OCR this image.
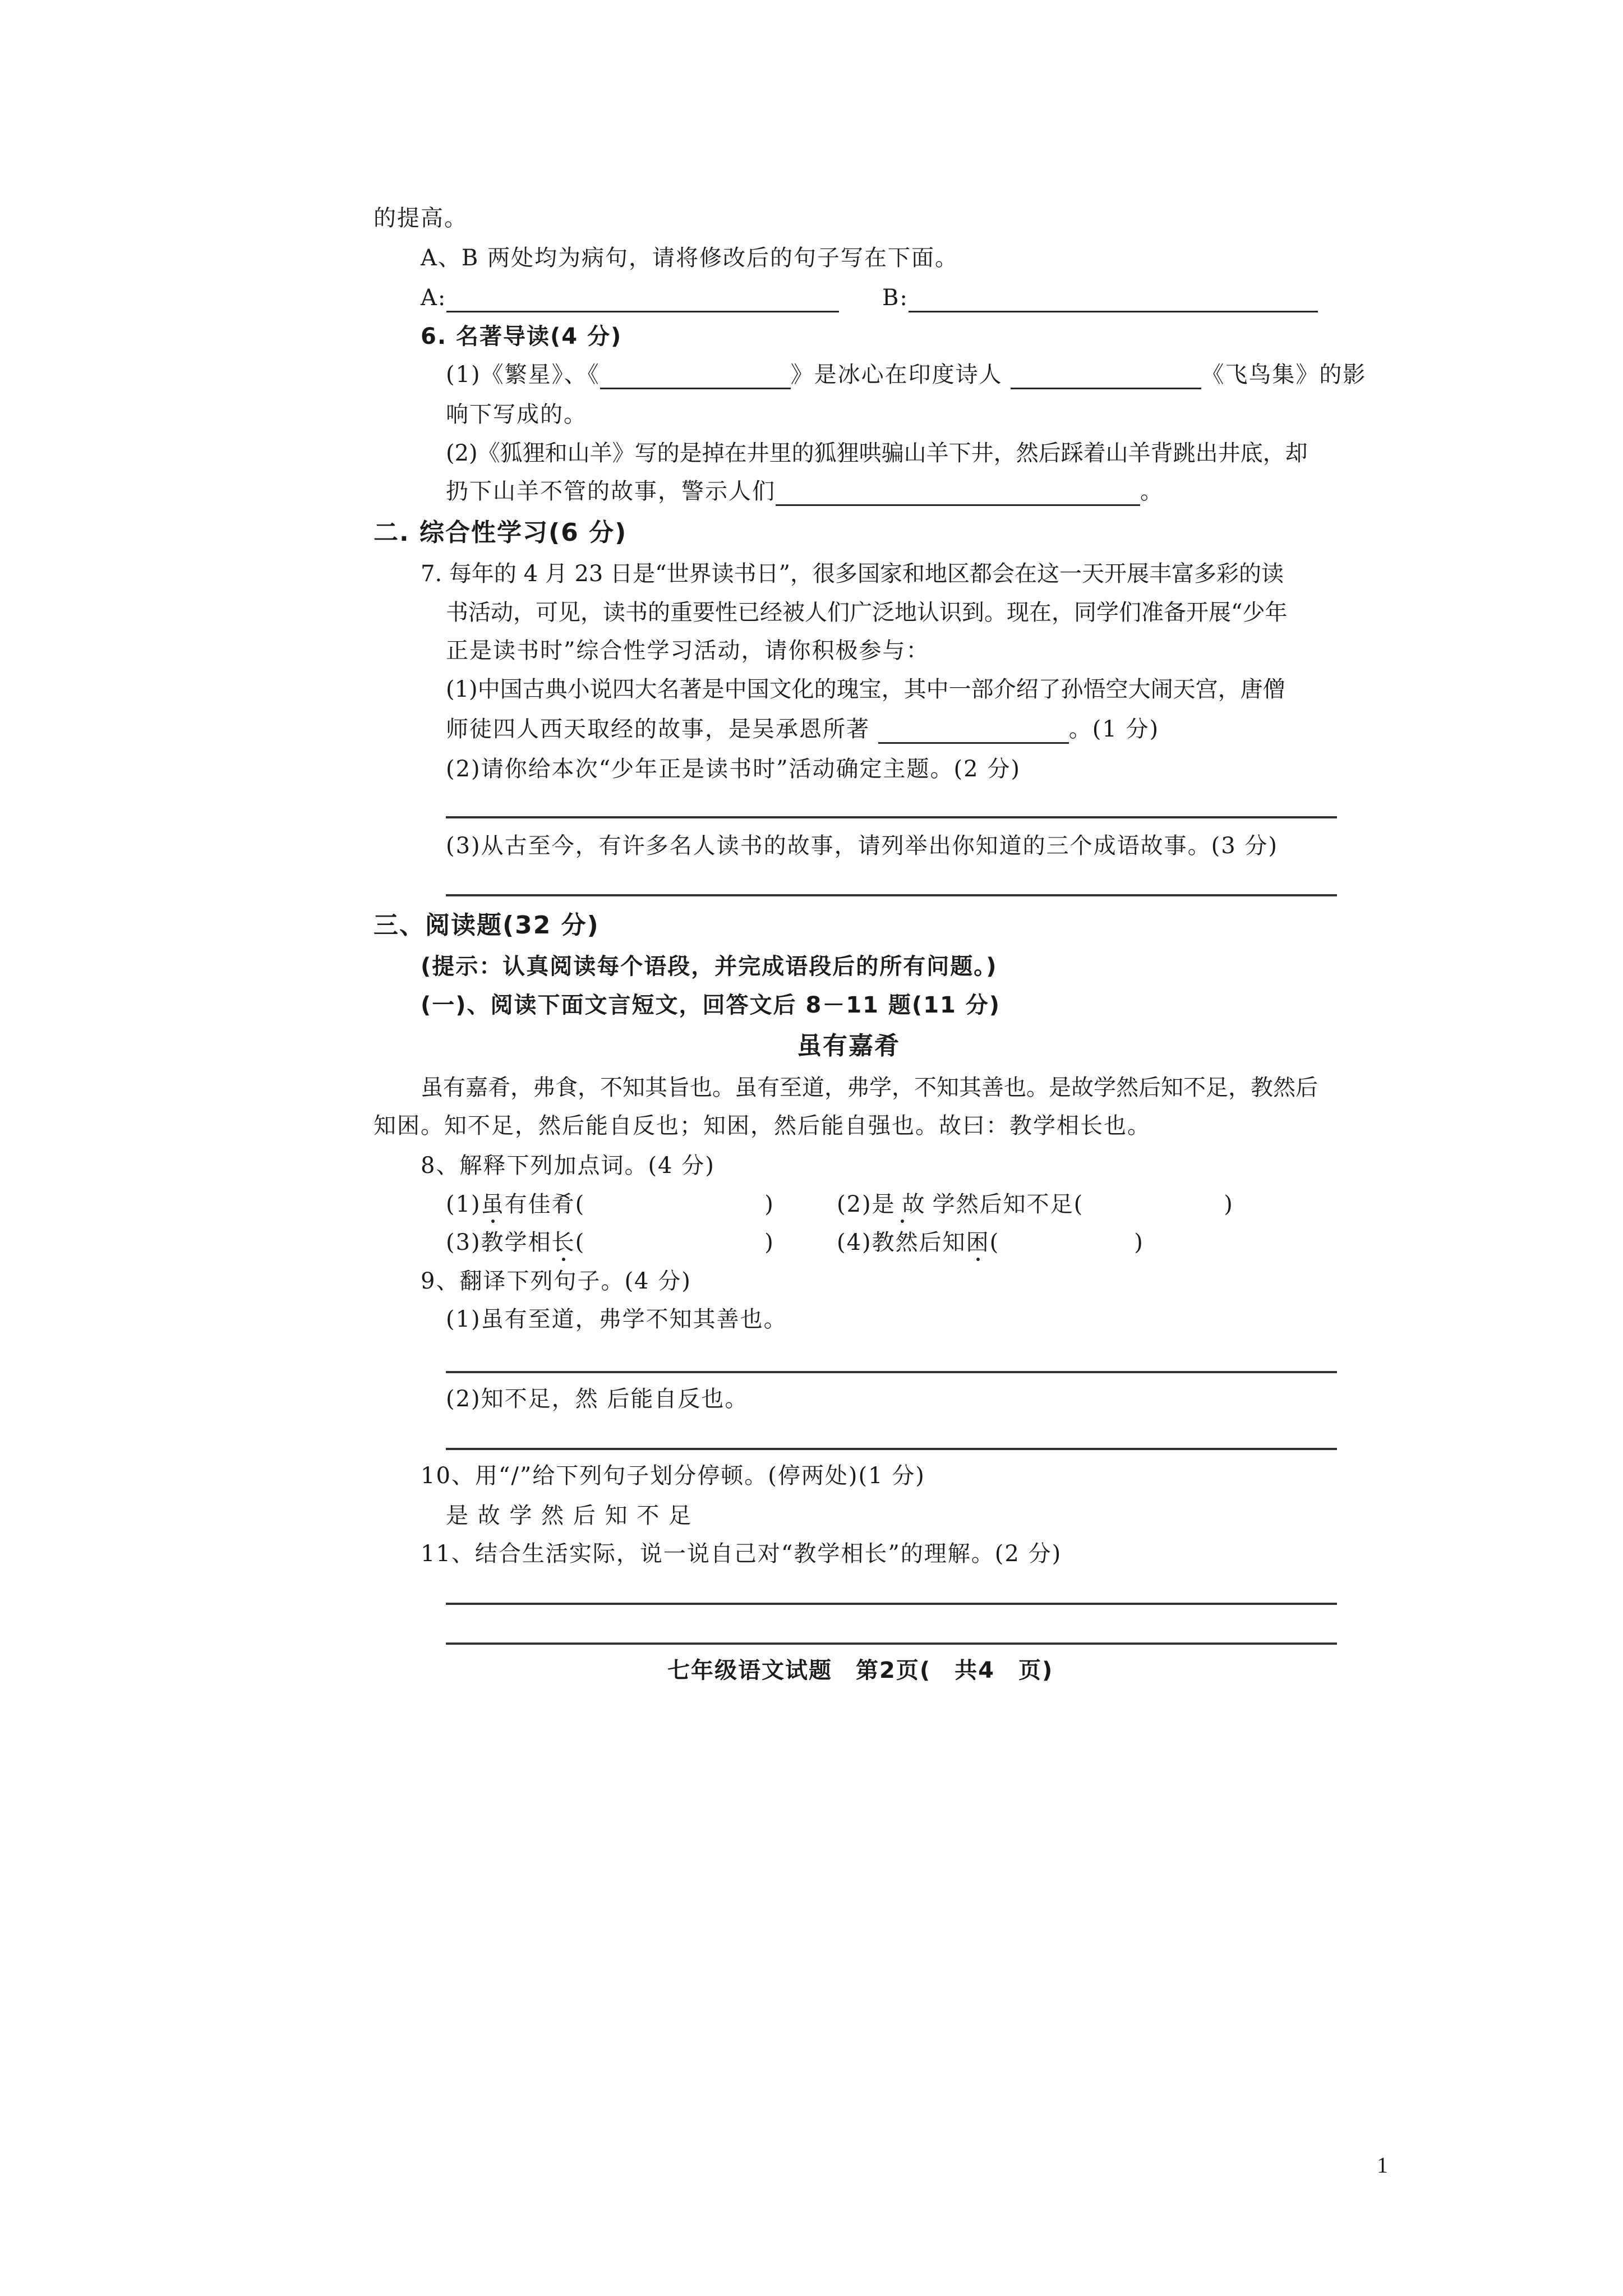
的提高。
A、B 两处均为病句，请将修改后的句子写在下面。
A:	B:
6. 名著导读(4 分)
(1)《繁星》、《	》是冰心在印度诗人	《飞鸟集》的影
响下写成的。
(2)《狐狸和山羊》写的是掉在井里的狐狸哄骗山羊下井，然后踩着山羊背跳出井底，却
扔下山羊不管的故事，警示人们	。
二. 综合性学习(6 分)
7. 每年的 4 月 23 日是“世界读书日”，很多国家和地区都会在这一天开展丰富多彩的读
书活动，可见，读书的重要性已经被人们广泛地认识到。现在，同学们准备开展“少年
正是读书时”综合性学习活动，请你积极参与：
(1)中国古典小说四大名著是中国文化的瑰宝，其中一部介绍了孙悟空大闹天宫，唐僧
师徒四人西天取经的故事，是吴承恩所著	。(1 分)
(2)请你给本次“少年正是读书时”活动确定主题。(2 分)
(3)从古至今，有许多名人读书的故事，请列举出你知道的三个成语故事。(3 分)
三、阅读题(32 分)
(提示：认真阅读每个语段，并完成语段后的所有问题。)
(一)、阅读下面文言短文，回答文后 8－11 题(11 分)
虽有嘉肴
虽有嘉肴，弗食，不知其旨也。虽有至道，弗学，不知其善也。是故学然后知不足，教然后
知困。知不足，然后能自反也；知困，然后能自强也。故曰：教学相长也。
8、解释下列加点词。(4 分)
(1)虽有佳肴(	)	(2)是故学然后知不足(	)
(3)教学相长(	)	(4)教然后知困(	)
9、翻译下列句子。(4 分)
(1)虽有至道，弗学不知其善也。
(2)知不足，然 后能自反也。
10、用“/”给下列句子划分停顿。(停两处)(1 分)
是 故 学 然 后 知 不 足
11、结合生活实际，说一说自己对“教学相长”的理解。(2 分)
七年级语文试题　第2页(　共4　页)
1
